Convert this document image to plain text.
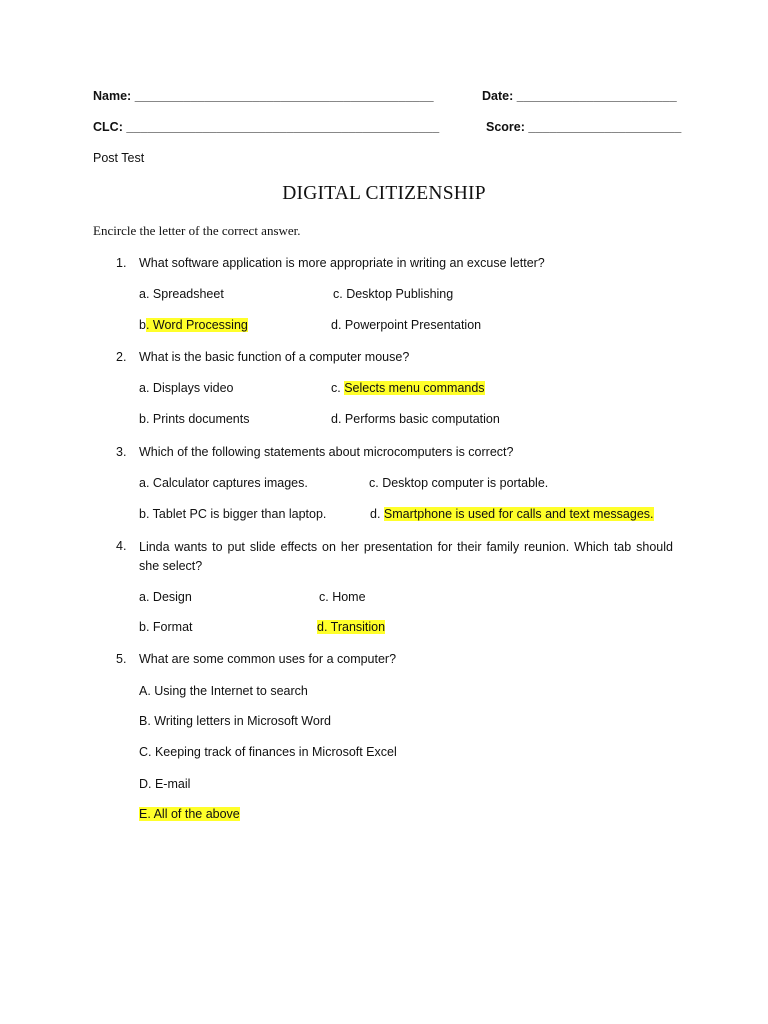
Name: ___________________________________________	Date: _______________________
CLC: _____________________________________________	Score: ______________________
Post Test
DIGITAL CITIZENSHIP
Encircle the letter of the correct answer.
1. What software application is more appropriate in writing an excuse letter?
a. Spreadsheet	c. Desktop Publishing
b. Word Processing	d. Powerpoint Presentation
2. What is the basic function of a computer mouse?
a. Displays video	c. Selects menu commands
b. Prints documents	d. Performs basic computation
3. Which of the following statements about microcomputers is correct?
a. Calculator captures images.	c. Desktop computer is portable.
b. Tablet PC is bigger than laptop.	d. Smartphone is used for calls and text messages.
4. Linda wants to put slide effects on her presentation for their family reunion. Which tab should she select?
a. Design	c. Home
b. Format	d. Transition
5. What are some common uses for a computer?
A. Using the Internet to search
B. Writing letters in Microsoft Word
C. Keeping track of finances in Microsoft Excel
D. E-mail
E. All of the above
